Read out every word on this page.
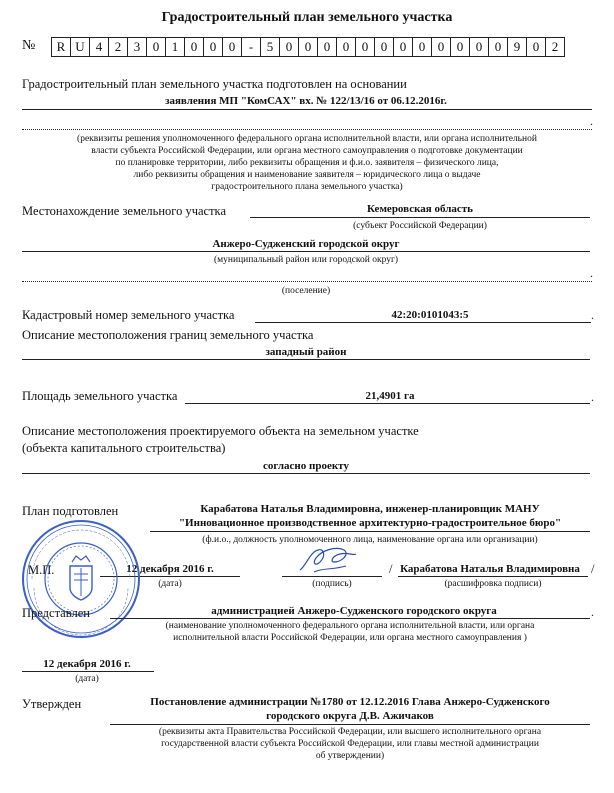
Градостроительный план земельного участка
№	R U 4 2 3 0 1 0 0 0	-	5 0 0 0 0 0 0 0 0 0 0 0 0 9 0 2
Градостроительный план земельного участка подготовлен на основании
заявления МП "КомСАХ" вх. № 122/13/16 от 06.12.2016г.
.
(реквизиты решения уполномоченного федерального органа исполнительной власти, или органа исполнительной
власти субъекта Российской Федерации, или органа местного самоуправления о подготовке документации
по планировке территории, либо реквизиты обращения и ф.и.о. заявителя – физического лица,
либо реквизиты обращения и наименование заявителя – юридического лица о выдаче
градостроительного плана земельного участка)
Местонахождение земельного участка	Кемеровская область
(субъект Российской Федерации)
Анжеро-Судженский городской округ
(муниципальный район или городской округ)
.
(поселение)
Кадастровый номер земельного участка	42:20:0101043:5	.
Описание местоположения границ земельного участка
западный район
Площадь земельного участка	21,4901 га	.
Описание местоположения проектируемого объекта на земельном участке
(объекта капитального строительства)
согласно проекту
План подготовлен	Карабатова Наталья Владимировна, инженер-планировщик МАНУ
"Инновационное производственное архитектурно-градостроительное бюро"
(ф.и.о., должность уполномоченного лица, наименование органа или организации)
М.П.	12 декабря 2016 г.
(дата)	(подпись)
/ Карабатова Наталья Владимировна /
(расшифровка подписи)
Представлен	администрацией Анжеро-Судженского городского округа	.
(наименование уполномоченного федерального органа исполнительной власти, или органа
исполнительной власти Российской Федерации, или органа местного самоуправления )
12 декабря 2016 г.
(дата)
Утвержден	Постановление администрации №1780 от 12.12.2016 Глава Анжеро-Судженского
городского округа Д.В. Ажичаков
(реквизиты акта Правительства Российской Федерации, или высшего исполнительного органа
государственной власти субъекта Российской Федерации, или главы местной администрации
об утверждении)
